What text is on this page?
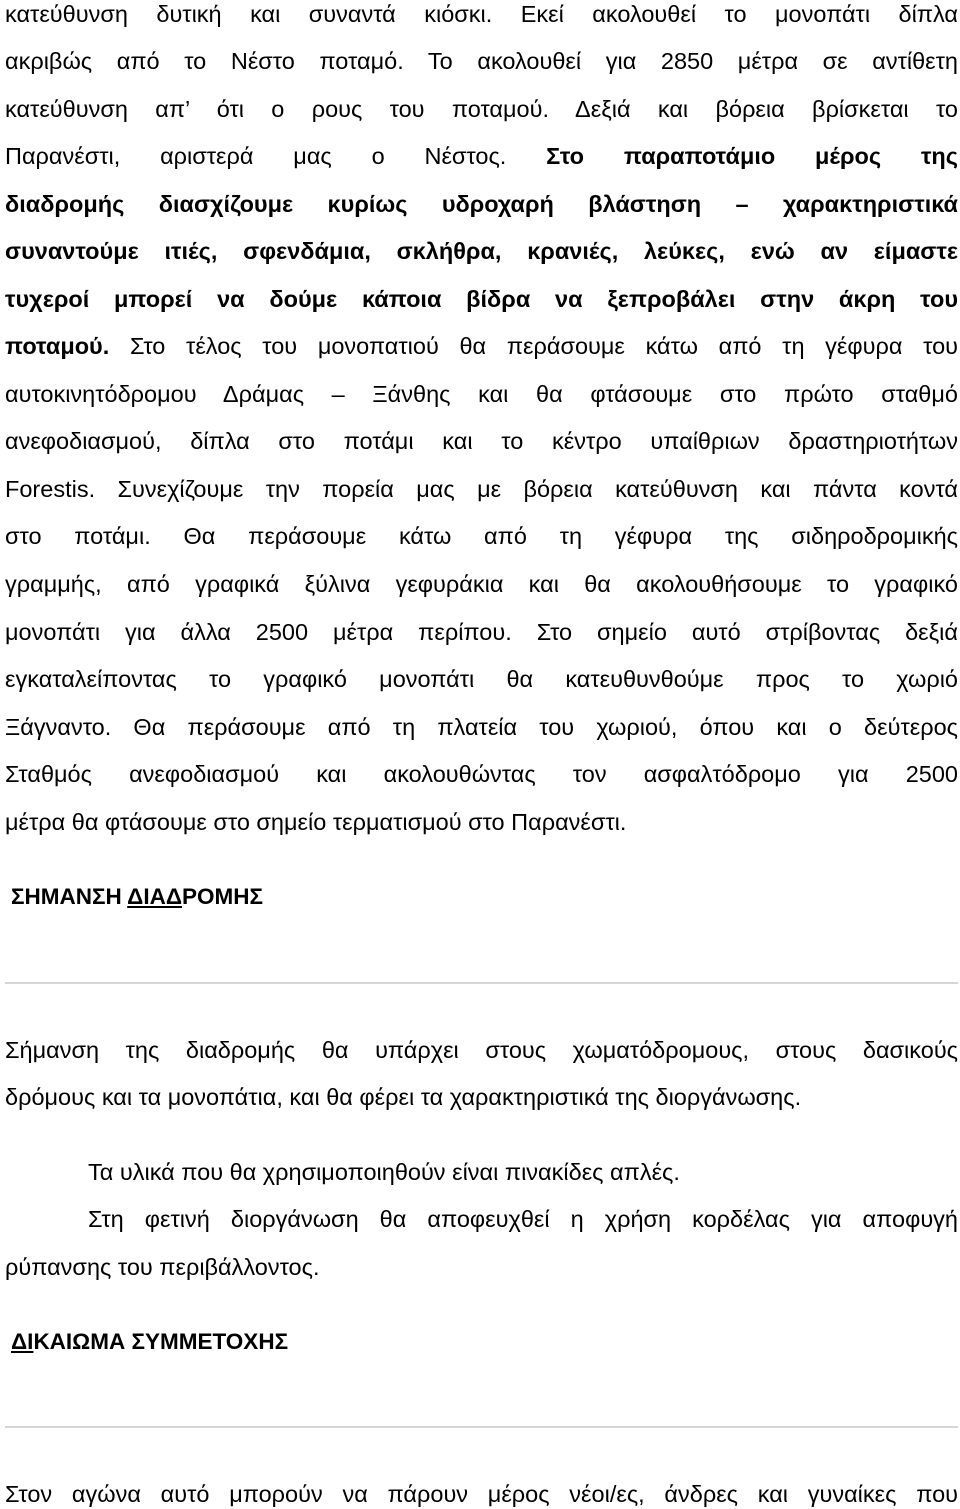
κατεύθυνση δυτική και συναντά κιόσκι. Εκεί ακολουθεί το μονοπάτι δίπλα
ακριβώς από το Νέστο ποταμό. Το ακολουθεί για 2850 μέτρα σε αντίθετη
κατεύθυνση απ’ ότι ο ρους του ποταμού. Δεξιά και βόρεια βρίσκεται το
Παρανέστι, αριστερά μας ο Νέστος. Στο παραποτάμιο μέρος της
διαδρομής διασχίζουμε κυρίως υδροχαρή βλάστηση – χαρακτηριστικά
συναντούμε ιτιές, σφενδάμια, σκλήθρα, κρανιές, λεύκες, ενώ αν είμαστε
τυχεροί μπορεί να δούμε κάποια βίδρα να ξεπροβάλει στην άκρη του
ποταμού. Στο τέλος του μονοπατιού θα περάσουμε κάτω από τη γέφυρα του
αυτοκινητόδρομου Δράμας – Ξάνθης και θα φτάσουμε στο πρώτο σταθμό
ανεφοδιασμού, δίπλα στο ποτάμι και το κέντρο υπαίθριων δραστηριοτήτων
Forestis. Συνεχίζουμε την πορεία μας με βόρεια κατεύθυνση και πάντα κοντά
στο ποτάμι. Θα περάσουμε κάτω από τη γέφυρα της σιδηροδρομικής
γραμμής, από γραφικά ξύλινα γεφυράκια και θα ακολουθήσουμε το γραφικό
μονοπάτι για άλλα 2500 μέτρα περίπου. Στο σημείο αυτό στρίβοντας δεξιά
εγκαταλείποντας το γραφικό μονοπάτι θα κατευθυνθούμε προς το χωριό
Ξάγναντο. Θα περάσουμε από τη πλατεία του χωριού, όπου και ο δεύτερος
Σταθμός ανεφοδιασμού και ακολουθώντας τον ασφαλτόδρομο για 2500
μέτρα θα φτάσουμε στο σημείο τερματισμού στο Παρανέστι.
ΣΗΜΑΝΣΗ ΔΙΑΔΡΟΜΗΣ
Σήμανση της διαδρομής θα υπάρχει στους χωματόδρομους, στους δασικούς
δρόμους και τα μονοπάτια, και θα φέρει τα χαρακτηριστικά της διοργάνωσης.
Τα υλικά που θα χρησιμοποιηθούν είναι πινακίδες απλές.
Στη φετινή διοργάνωση θα αποφευχθεί η χρήση κορδέλας για αποφυγή
ρύπανσης του περιβάλλοντος.
ΔΙΚΑΙΩΜΑ ΣΥΜΜΕΤΟΧΗΣ
Στον αγώνα αυτό μπορούν να πάρουν μέρος νέοι/ες, άνδρες και γυναίκες που
